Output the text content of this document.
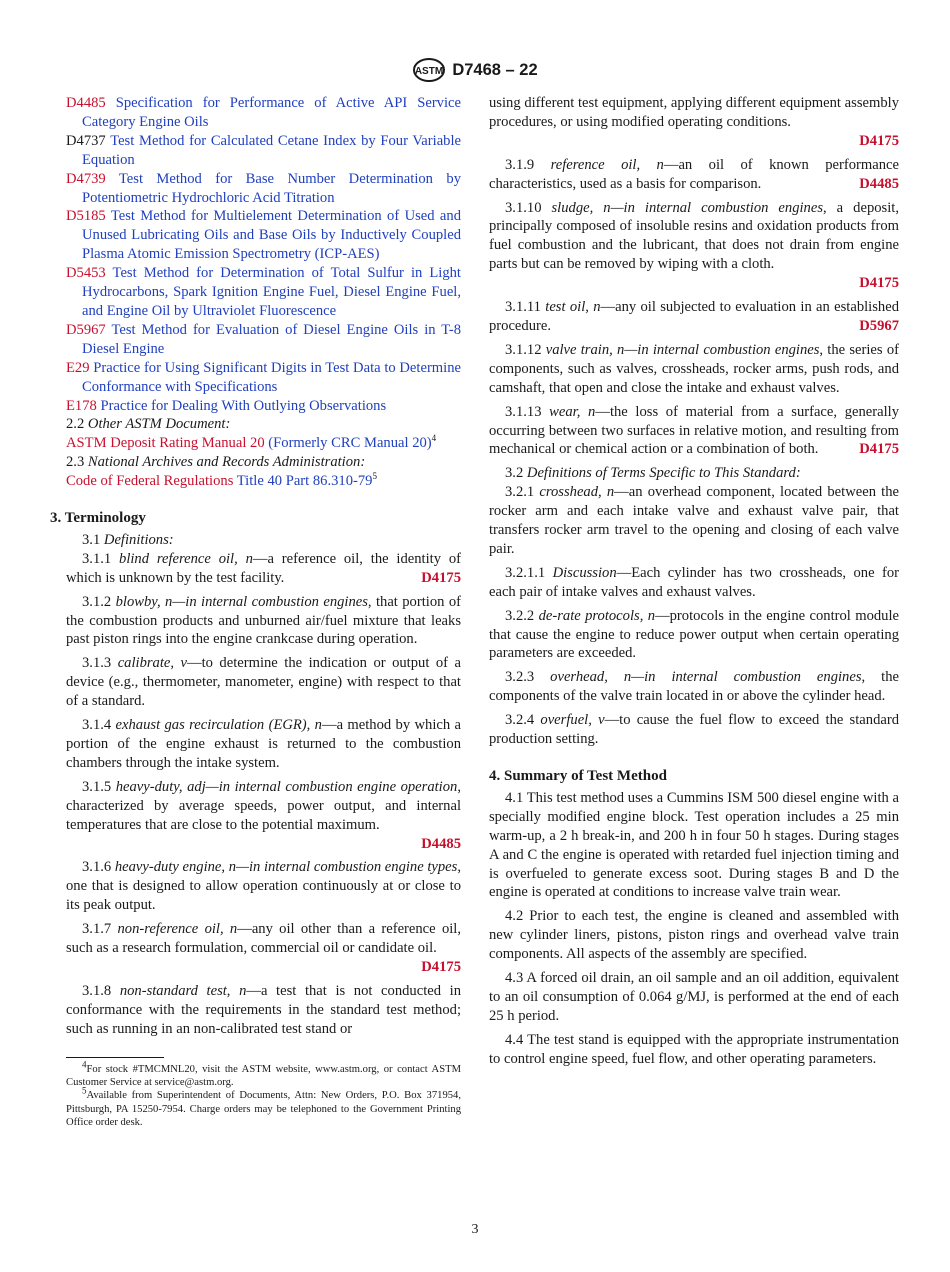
ASTM D7468 – 22
D4485 Specification for Performance of Active API Service Category Engine Oils
D4737 Test Method for Calculated Cetane Index by Four Variable Equation
D4739 Test Method for Base Number Determination by Potentiometric Hydrochloric Acid Titration
D5185 Test Method for Multielement Determination of Used and Unused Lubricating Oils and Base Oils by Inductively Coupled Plasma Atomic Emission Spectrometry (ICP-AES)
D5453 Test Method for Determination of Total Sulfur in Light Hydrocarbons, Spark Ignition Engine Fuel, Diesel Engine Fuel, and Engine Oil by Ultraviolet Fluorescence
D5967 Test Method for Evaluation of Diesel Engine Oils in T-8 Diesel Engine
E29 Practice for Using Significant Digits in Test Data to Determine Conformance with Specifications
E178 Practice for Dealing With Outlying Observations
2.2 Other ASTM Document:
ASTM Deposit Rating Manual 20 (Formerly CRC Manual 20)$^4$
2.3 National Archives and Records Administration:
Code of Federal Regulations Title 40 Part $86.310-79^5$
3. Terminology
3.1 Definitions:
3.1.1 blind reference oil, n—a reference oil, the identity of which is unknown by the test facility.	D4175
3.1.2 blowby, n—in internal combustion engines, that portion of the combustion products and unburned air/fuel mixture that leaks past piston rings into the engine crankcase during operation.
3.1.3 calibrate, v—to determine the indication or output of a device (e.g., thermometer, manometer, engine) with respect to that of a standard.
3.1.4 exhaust gas recirculation (EGR), n—a method by which a portion of the engine exhaust is returned to the combustion chambers through the intake system.
3.1.5 heavy-duty, adj—in internal combustion engine operation, characterized by average speeds, power output, and internal temperatures that are close to the potential maximum.
D4485
3.1.6 heavy-duty engine, n—in internal combustion engine types, one that is designed to allow operation continuously at or close to its peak output.
3.1.7 non-reference oil, n—any oil other than a reference oil, such as a research formulation, commercial oil or candidate oil.
D4175
3.1.8 non-standard test, n—a test that is not conducted in conformance with the requirements in the standard test method; such as running in an non-calibrated test stand or
$^4$For stock #TMCMNL20, visit the ASTM website, www.astm.org, or contact ASTM Customer Service at service@astm.org.
$^5$Available from Superintendent of Documents, Attn: New Orders, P.O. Box 371954, Pittsburgh, PA 15250-7954. Charge orders may be telephoned to the Government Printing Office order desk.
using different test equipment, applying different equipment assembly procedures, or using modified operating conditions.
D4175
3.1.9 reference oil, n—an oil of known performance characteristics, used as a basis for comparison.	D4485
3.1.10 sludge, n—in internal combustion engines, a deposit, principally composed of insoluble resins and oxidation products from fuel combustion and the lubricant, that does not drain from engine parts but can be removed by wiping with a cloth.
D4175
3.1.11 test oil, n—any oil subjected to evaluation in an established procedure.	D5967
3.1.12 valve train, n—in internal combustion engines, the series of components, such as valves, crossheads, rocker arms, push rods, and camshaft, that open and close the intake and exhaust valves.
3.1.13 wear, n—the loss of material from a surface, generally occurring between two surfaces in relative motion, and resulting from mechanical or chemical action or a combination of both.	D4175
3.2 Definitions of Terms Specific to This Standard:
3.2.1 crosshead, n—an overhead component, located between the rocker arm and each intake valve and exhaust valve pair, that transfers rocker arm travel to the opening and closing of each valve pair.
3.2.1.1 Discussion—Each cylinder has two crossheads, one for each pair of intake valves and exhaust valves.
3.2.2 de-rate protocols, n—protocols in the engine control module that cause the engine to reduce power output when certain operating parameters are exceeded.
3.2.3 overhead, n—in internal combustion engines, the components of the valve train located in or above the cylinder head.
3.2.4 overfuel, v—to cause the fuel flow to exceed the standard production setting.
4. Summary of Test Method
4.1 This test method uses a Cummins ISM 500 diesel engine with a specially modified engine block. Test operation includes a 25 min warm-up, a 2 h break-in, and 200 h in four 50 h stages. During stages A and C the engine is operated with retarded fuel injection timing and is overfueled to generate excess soot. During stages B and D the engine is operated at conditions to increase valve train wear.
4.2 Prior to each test, the engine is cleaned and assembled with new cylinder liners, pistons, piston rings and overhead valve train components. All aspects of the assembly are specified.
4.3 A forced oil drain, an oil sample and an oil addition, equivalent to an oil consumption of 0.064 g/MJ, is performed at the end of each 25 h period.
4.4 The test stand is equipped with the appropriate instrumentation to control engine speed, fuel flow, and other operating parameters.
3
